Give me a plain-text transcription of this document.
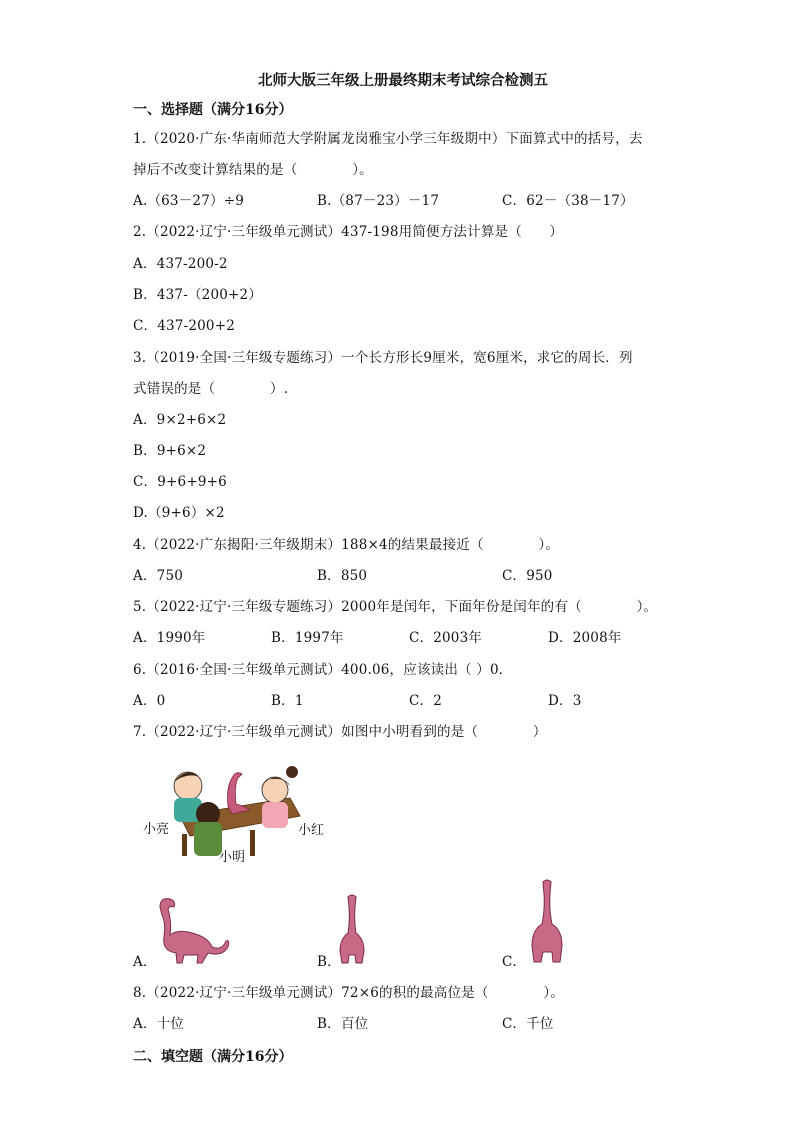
北师大版三年级上册最终期末考试综合检测五
一、选择题（满分16分）
1.（2020·广东·华南师范大学附属龙岗雅宝小学三年级期中）下面算式中的括号，去
掉后不改变计算结果的是（　　　　）。
A.（63－27）÷9	B.（87－23）－17	C．62－（38－17）
2.（2022·辽宁·三年级单元测试）437-198用简便方法计算是（　　）
A．437-200-2
B．437-（200+2）
C．437-200+2
3.（2019·全国·三年级专题练习）一个长方形长9厘米，宽6厘米，求它的周长．列
式错误的是（　　　　）.
A．9×2+6×2
B．9+6×2
C．9+6+9+6
D.（9+6）×2
4.（2022·广东揭阳·三年级期末）188×4的结果最接近（　　　　）。
A．750	B．850	C．950
5.（2022·辽宁·三年级专题练习）2000年是闰年，下面年份是闰年的有（　　　　）。
A．1990年	B．1997年	C．2003年	D．2008年
6.（2016·全国·三年级单元测试）400.06，应该读出（ ）0．
A．0	B．1	C．2	D．3
7.（2022·辽宁·三年级单元测试）如图中小明看到的是（　　　　）
小亮
小明
小红
A．	B．	C．
8.（2022·辽宁·三年级单元测试）72×6的积的最高位是（　　　　）。
A．十位	B．百位	C．千位
二、填空题（满分16分）
